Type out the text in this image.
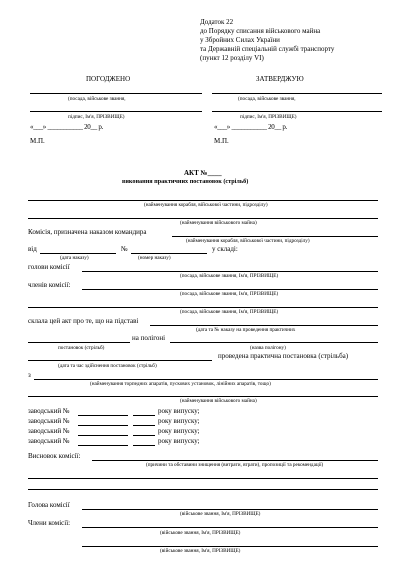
Додаток 22
до Порядку списання військового майна
у Збройних Силах України
та Державній спеціальній службі транспорту
(пункт 12 розділу VI)
ПОГОДЖЕНО	ЗАТВЕРДЖУЮ
(посада, військове звання,	(посада, військове звання,
підпис, Ім'я, ПРІЗВИЩЕ)	підпис, Ім'я, ПРІЗВИЩЕ)
«___» ___________ 20__ р.	«___» ___________ 20__ р.
М.П.	М.П.
АКТ №____
виконання практичних постановок (стрільб)
(найменування корабля, військової частини, підрозділу)
(найменування військового майна)
Комісія, призначена наказом командира
(найменування корабля, військової частини, підрозділу)
від	№	у складі:
(дата наказу)	(номер наказу)
голови комісії
(посада, військове звання, Ім'я, ПРІЗВИЩЕ)
членів комісії:
(посада, військове звання, Ім'я, ПРІЗВИЩЕ)
(посада, військове звання, Ім'я, ПРІЗВИЩЕ)
склала цей акт про те, що на підставі
(дата та № наказу на проведення практичних
на полігоні
постановок (стрільб)	(назва полігону)
проведена практична постановка (стрільба)
(дата та час здійснення постановок (стрільб)
з
(найменування торпедних апаратів, пускових установок, лінійних апаратів, тощо)
(найменування військового майна)
заводський №	року випуску;
заводський №	року випуску;
заводський №	року випуску;
заводський №	року випуску;
Висновок комісії:
(причини та обставини знищення (витрати, втрати), пропозиції та рекомендації)
Голова комісії
(військове звання, Ім'я, ПРІЗВИЩЕ)
Члени комісії:
(військове звання, Ім'я, ПРІЗВИЩЕ)
(військове звання, Ім'я, ПРІЗВИЩЕ)
